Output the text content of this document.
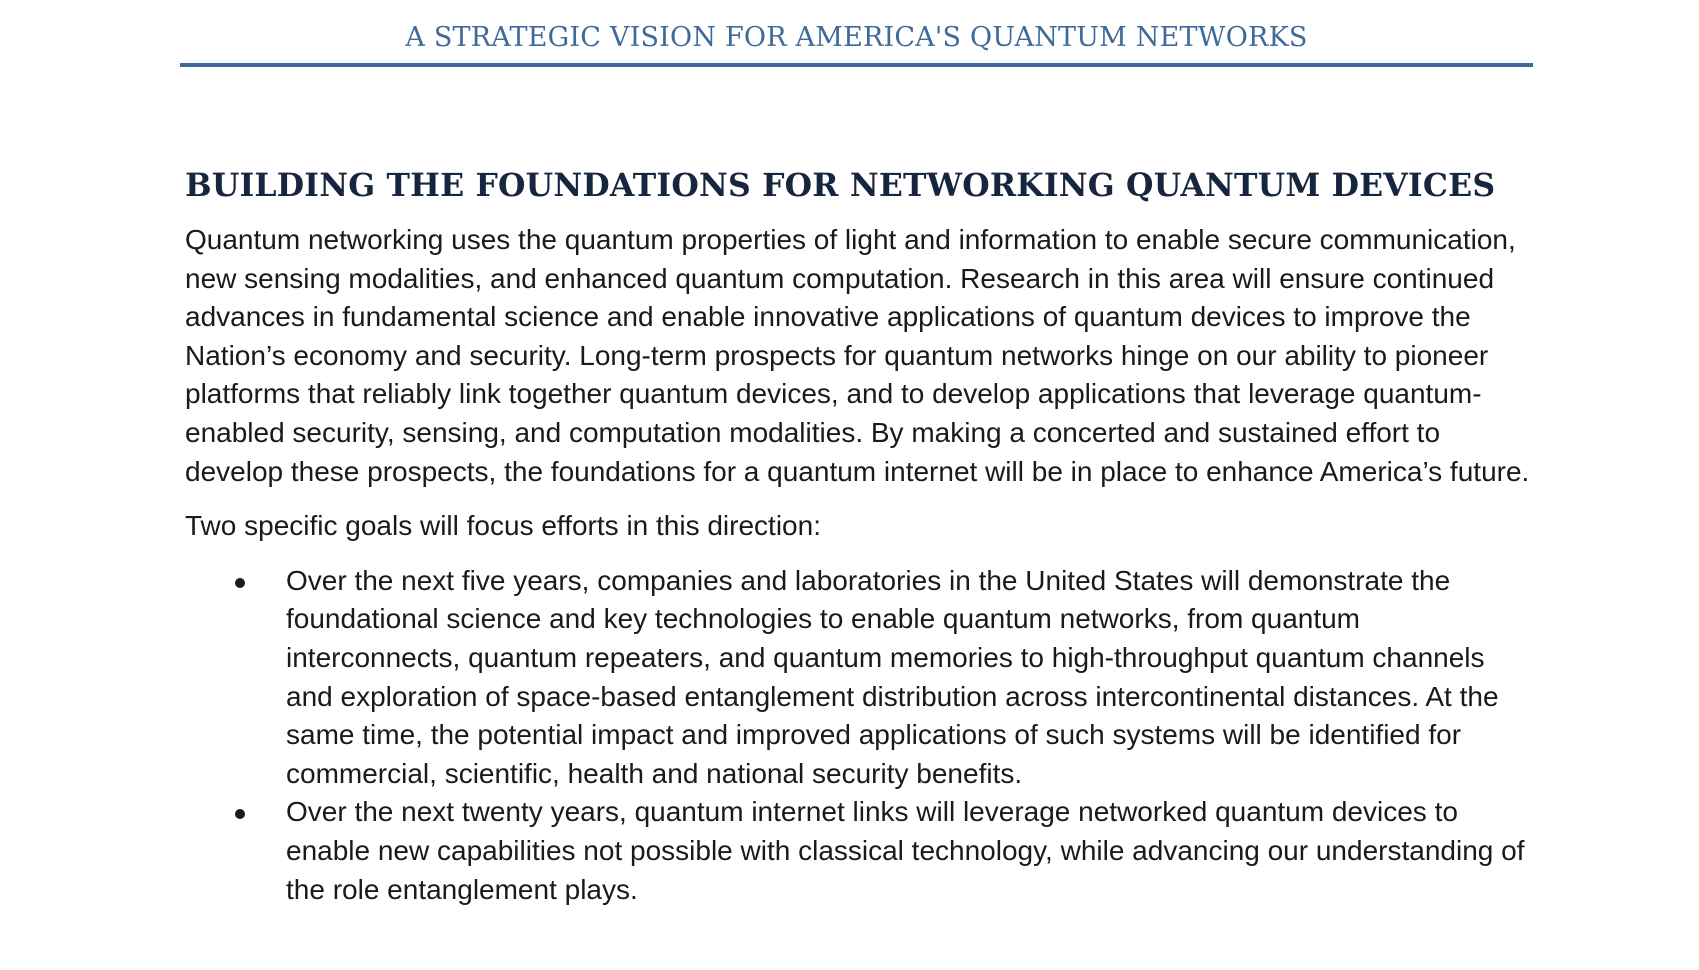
A STRATEGIC VISION FOR AMERICA'S QUANTUM NETWORKS
BUILDING THE FOUNDATIONS FOR NETWORKING QUANTUM DEVICES

Quantum networking uses the quantum properties of light and information to enable secure communication, new sensing modalities, and enhanced quantum computation. Research in this area will ensure continued advances in fundamental science and enable innovative applications of quantum devices to improve the Nation’s economy and security. Long-term prospects for quantum networks hinge on our ability to pioneer platforms that reliably link together quantum devices, and to develop applications that leverage quantum-enabled security, sensing, and computation modalities. By making a concerted and sustained effort to develop these prospects, the foundations for a quantum internet will be in place to enhance America’s future.

Two specific goals will focus efforts in this direction:

Over the next five years, companies and laboratories in the United States will demonstrate the foundational science and key technologies to enable quantum networks, from quantum interconnects, quantum repeaters, and quantum memories to high-throughput quantum channels and exploration of space-based entanglement distribution across intercontinental distances. At the same time, the potential impact and improved applications of such systems will be identified for commercial, scientific, health and national security benefits.
Over the next twenty years, quantum internet links will leverage networked quantum devices to enable new capabilities not possible with classical technology, while advancing our understanding of the role entanglement plays.
